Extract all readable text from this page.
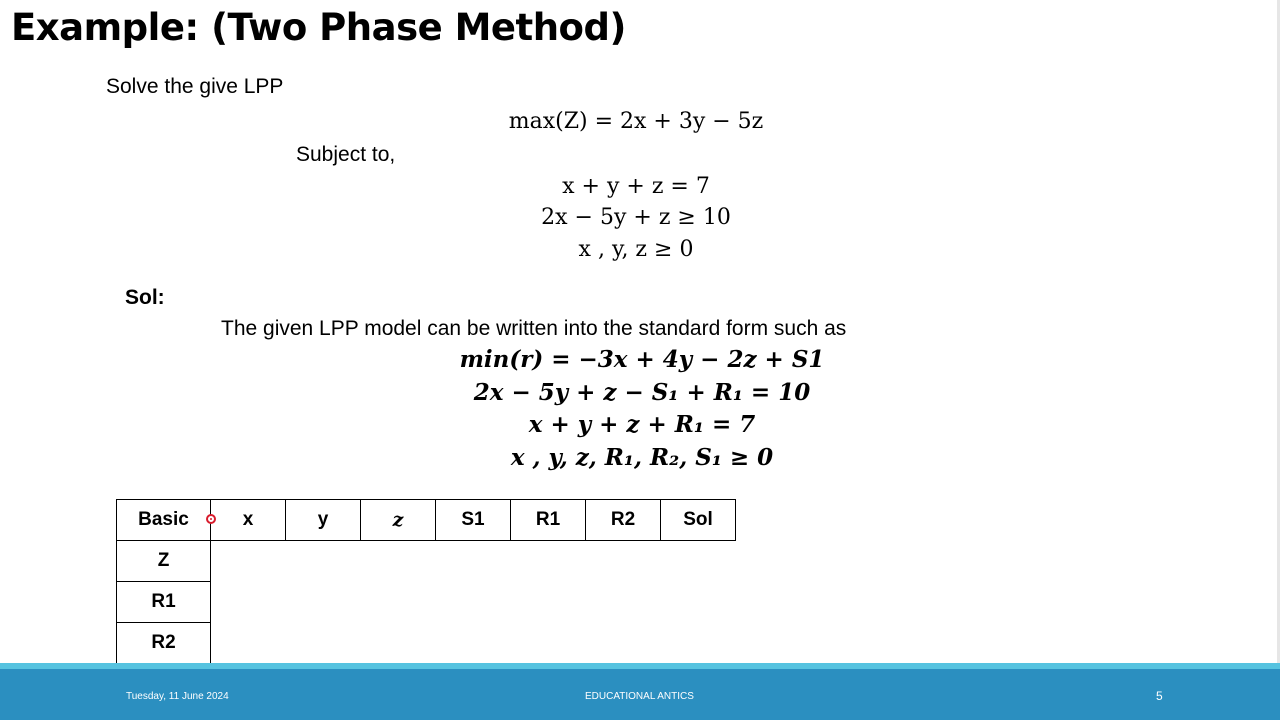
Example: (Two Phase Method)
Solve the give LPP
max(Z) = 2x + 3y − 5z
Subject to,
x + y + z = 7
2x − 5y + z ≥ 10
x , y, z ≥ 0
Sol:
The given LPP model can be written into the standard form such as
min(r) = −3x + 4y − 2z + S1
2x − 5y + z − S₁ + R₁ = 10
x + y + z + R₁ = 7
x , y, z, R₁, R₂, S₁ ≥ 0
Basic	x	y	z	S1	R1	R2	Sol
Z							
R1							
R2							
Tuesday, 11 June 2024	EDUCATIONAL ANTICS	5
